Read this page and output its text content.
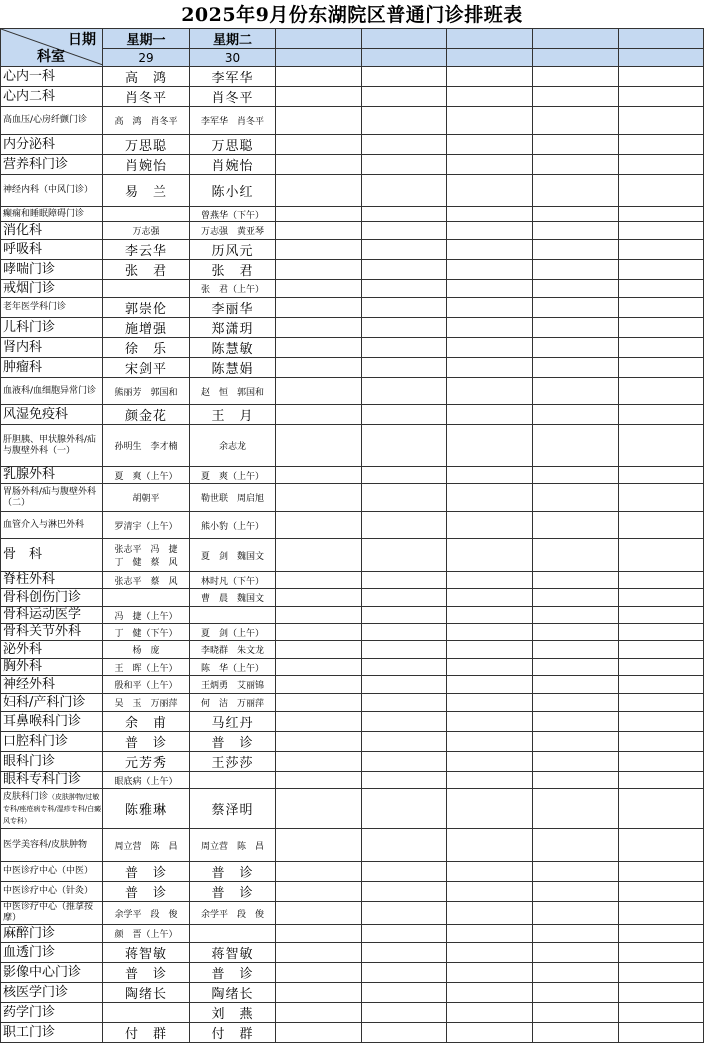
2025年9月份东湖院区普通门诊排班表
日期
科室	星期一	星期二					
	29	30					
心内一科	高　鸿	李军华					

心内二科	肖冬平	肖冬平					

高血压/心房纤颤门诊	高　鸿　肖冬平	李军华　肖冬平					

内分泌科	万思聪	万思聪					

营养科门诊	肖婉怡	肖婉怡					

神经内科（中风门诊）	易　兰	陈小红					

癫痫和睡眠障碍门诊		曾燕华（下午）					

消化科	万志强	万志强　黄亚琴					

呼吸科	李云华	历风元					

哮喘门诊	张　君	张　君					

戒烟门诊		张　君（上午）					

老年医学科门诊	郭崇伦	李丽华					

儿科门诊	施增强	郑潇玥					

肾内科	徐　乐	陈慧敏					

肿瘤科	宋剑平	陈慧娟					

血液科/血细胞异常门诊	熊丽芳　郭国和	赵　恒　郭国和					

风湿免疫科	颜金花	王　月					

肝胆胰、甲状腺外科/疝与腹壁外科（一）	孙明生　李才楠	余志龙					

乳腺外科	夏　爽（上午）	夏　爽（上午）					

胃肠外科/疝与腹壁外科（二）	胡朝平	勒世联　周启旭					

血管介入与淋巴外科	罗清宇（上午）	熊小豹（上午）					

骨　科	张志平　冯　捷
丁　健　蔡　风	夏　剑　魏国文					

脊柱外科	张志平　蔡　风	林时凡（下午）					

骨科创伤门诊		曹　晨　魏国文					

骨科运动医学	冯　捷（上午）						

骨科关节外科	丁　健（下午）	夏　剑（上午）					

泌外科	杨　庞	李晓群　朱文龙					

胸外科	王　晖（上午）	陈　华（上午）					

神经外科	殷和平（上午）	王炳勇　艾丽锦					

妇科/产科门诊	吴　玉　万丽萍	何　洁　万丽萍					

耳鼻喉科门诊	余　甫	马红丹					

口腔科门诊	普　诊	普　诊					

眼科门诊	元芳秀	王莎莎					

眼科专科门诊	眼底病（上午）						

皮肤科门诊（皮肤肿物/过敏专科/痤疮病专科/湿疹专科/白癜风专科）	陈雅琳	蔡泽明					

医学美容科/皮肤肿物	周立营　陈　昌	周立营　陈　昌					

中医诊疗中心（中医）	普　诊	普　诊					

中医诊疗中心（针灸）	普　诊	普　诊					

中医诊疗中心（推拿按摩）	余学平　段　俊	余学平　段　俊					

麻醉门诊	颜　晋（上午）						

血透门诊	蒋智敏	蒋智敏					

影像中心门诊	普　诊	普　诊					

核医学门诊	陶绪长	陶绪长					

药学门诊		刘　燕					

职工门诊	付　群	付　群					
